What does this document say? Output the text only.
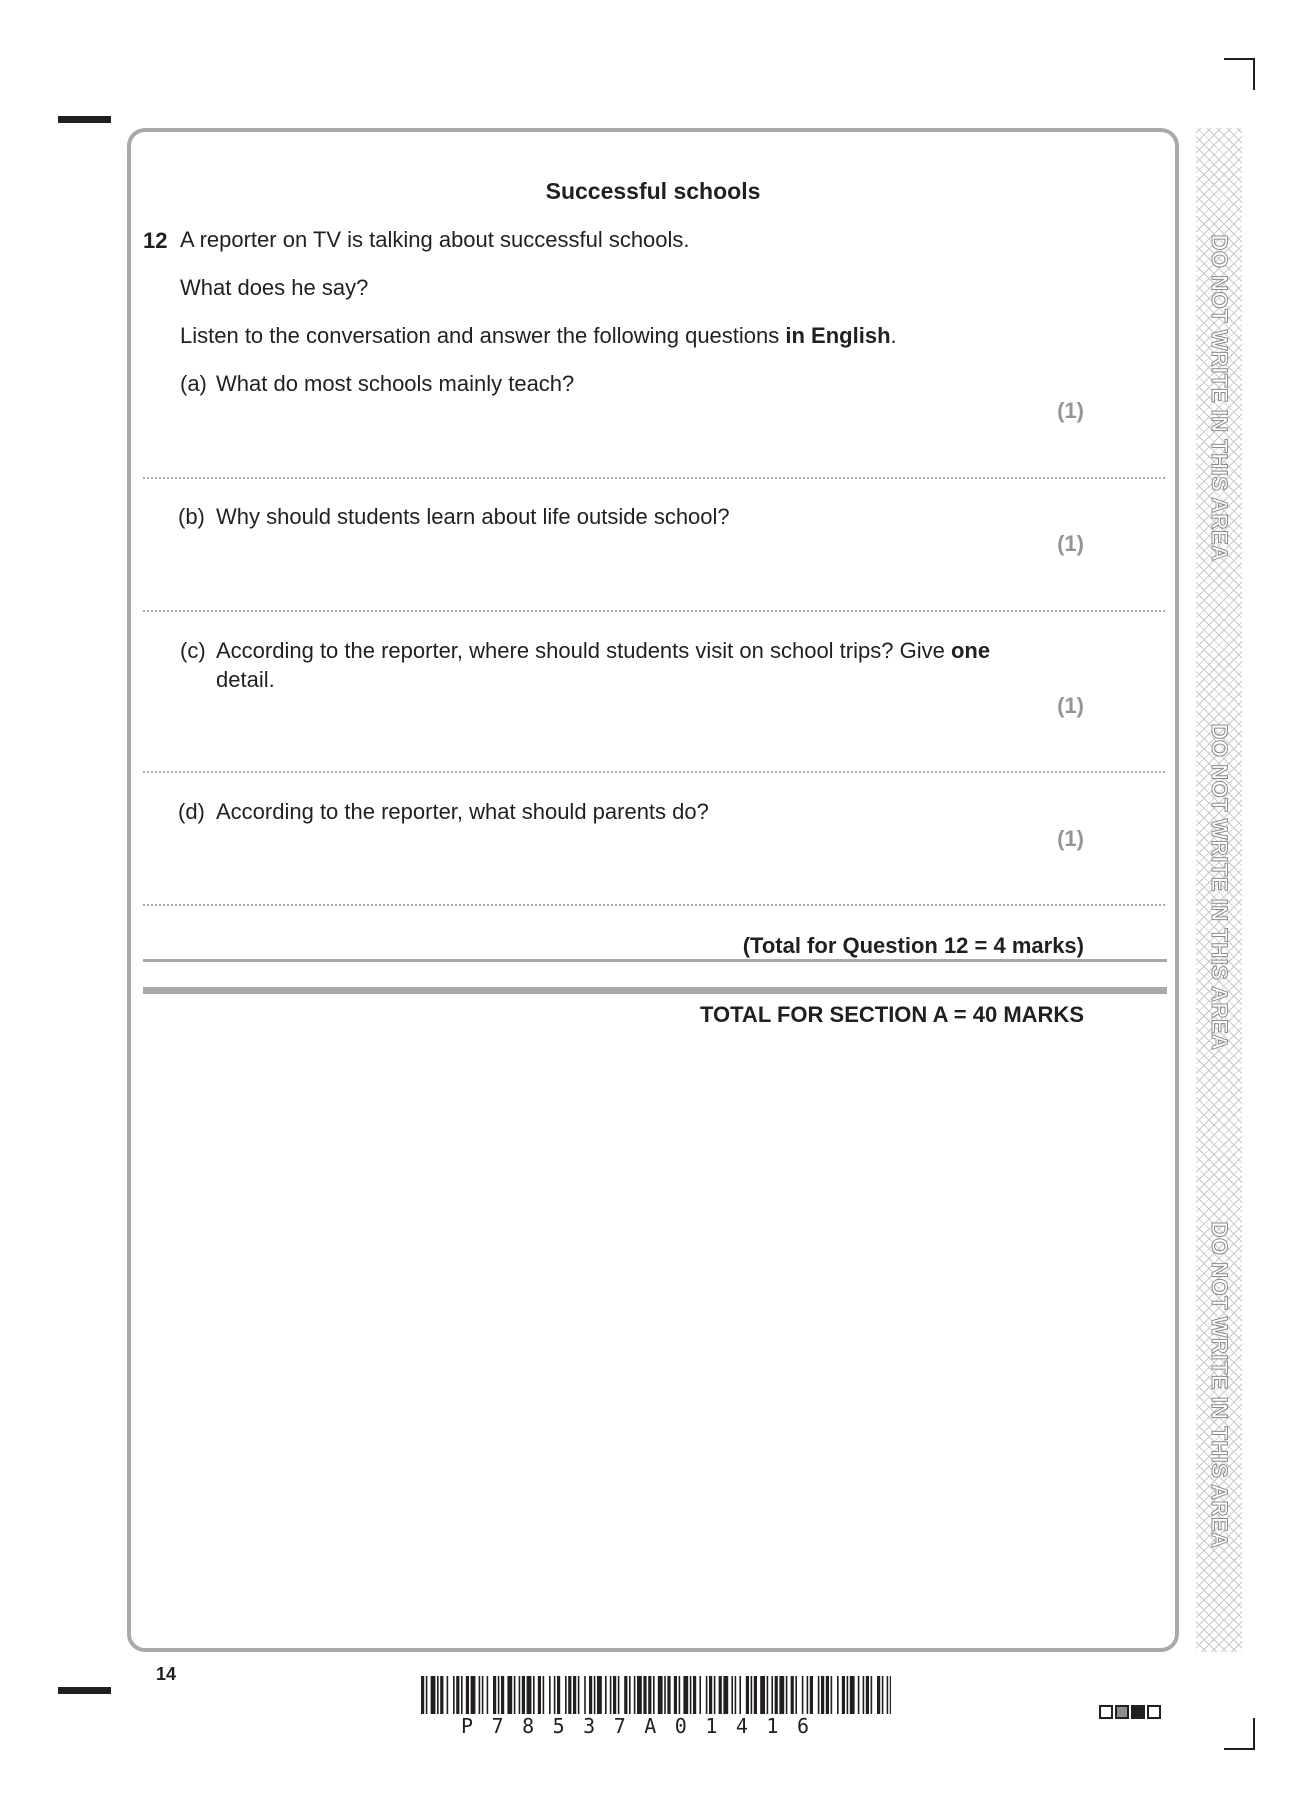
DO NOT WRITE IN THIS AREA
DO NOT WRITE IN THIS AREA
DO NOT WRITE IN THIS AREA
Successful schools
12 A reporter on TV is talking about successful schools.
What does he say?
Listen to the conversation and answer the following questions in English.
(a) What do most schools mainly teach?
(1)
(b) Why should students learn about life outside school?
(1)
(c) According to the reporter, where should students visit on school trips? Give one detail.
(1)
(d) According to the reporter, what should parents do?
(1)
(Total for Question 12 = 4 marks)
TOTAL FOR SECTION A = 40 MARKS
14
P78537A01416
